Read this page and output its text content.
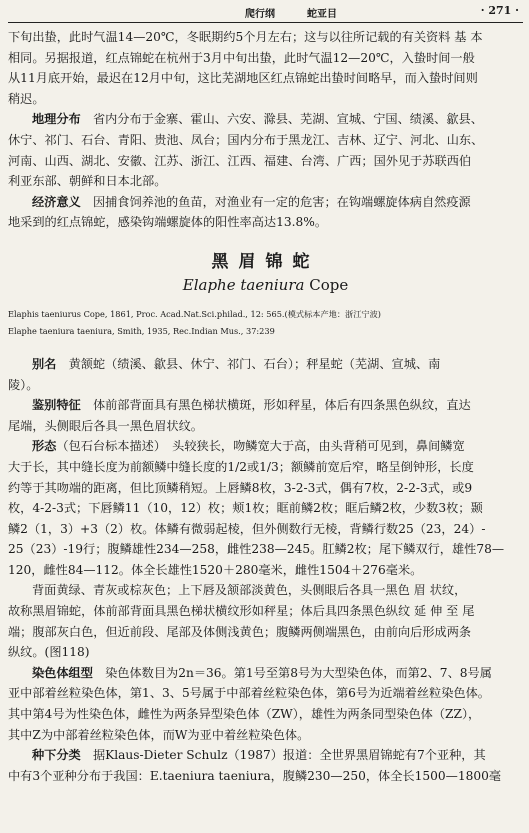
爬行纲	蛇亚目	· 271 ·

下旬出蛰，此时气温14—20℃，冬眠期约5个月左右；这与以往所记载的有关资料 基 本

相同。另据报道，红点锦蛇在杭州于3月中旬出蛰，此时气温12—20℃，入蛰时间一般

从11月底开始，最迟在12月中旬，这比芜湖地区红点锦蛇出蛰时间略早，而入蛰时间则

稍迟。

地理分布　 省内分布于金寨、霍山、六安、滁县、芜湖、宣城、宁国、绩溪、歙县、

休宁、祁门、石台、青阳、贵池、凤台；国内分布于黑龙江、吉林、辽宁、河北、山东、

河南、山西、湖北、安徽、江苏、浙江、江西、福建、台湾、广西；国外见于苏联西伯

利亚东部、朝鲜和日本北部。

经济意义　 因捕食饲养池的鱼苗，对渔业有一定的危害；在钩端螺旋体病自然疫源

地采到的红点锦蛇，感染钩端螺旋体的阳性率高达13.8%。

黑眉锦蛇
Elaphe taeniura Cope

Elaphis taeniurus Cope, 1861, Proc. Acad.Nat.Sci.philad., 12: 565.(模式标本产地：浙江宁波)

Elaphe taeniura taeniura, Smith, 1935, Rec.Indian Mus., 37:239

别名　 黄颔蛇（绩溪、歙县、休宁、祁门、石台）；秤星蛇（芜湖、宣城、南

陵）。

鉴别特征　 体前部背面具有黑色梯状横斑，形如秤星，体后有四条黑色纵纹，直达

尾端，头侧眼后各具一黑色眉状纹。

形态（包石台标本描述）　头较狭长，吻鳞宽大于高，由头背稍可见到，鼻间鳞宽

大于长，其中缝长度为前额鳞中缝长度的1/2或1/3；额鳞前宽后窄，略呈倒钟形，长度

约等于其吻端的距离，但比顶鳞稍短。上唇鳞8枚，3-2-3式，偶有7枚，2-2-3式，或9

枚，4-2-3式；下唇鳞11（10，12）枚；颊1枚；眶前鳞2枚；眶后鳞2枚，少数3枚；颞

鳞2（1，3）+3（2）枚。体鳞有微弱起棱，但外侧数行无棱，背鳞行数25（23，24）-

25（23）-19行；腹鳞雄性234—258，雌性238—245。肛鳞2枚；尾下鳞双行，雄性78—

120，雌性84—112。体全长雄性1520＋280毫米，雌性1504＋276毫米。

背面黄绿、青灰或棕灰色；上下唇及颔部淡黄色，头侧眼后各具一黑色 眉 状纹，

故称黑眉锦蛇，体前部背面具黑色梯状横纹形如秤星；体后具四条黑色纵纹 延 伸 至 尾

端；腹部灰白色，但近前段、尾部及体侧浅黄色；腹鳞两侧端黑色，由前向后形成两条

纵纹。(图118)

染色体组型　 染色体数目为2n＝36。第1号至第8号为大型染色体，而第2、7、8号属

亚中部着丝粒染色体，第1、3、5号属于中部着丝粒染色体，第6号为近端着丝粒染色体。

其中第4号为性染色体，雌性为两条异型染色体（ZW），雄性为两条同型染色体（ZZ），

其中Z为中部着丝粒染色体，而W为亚中着丝粒染色体。

种下分类　 据Klaus-Dieter Schulz（1987）报道：全世界黑眉锦蛇有7个亚种，其

中有3个亚种分布于我国：E.taeniura taeniura，腹鳞230—250，体全长1500—1800毫
